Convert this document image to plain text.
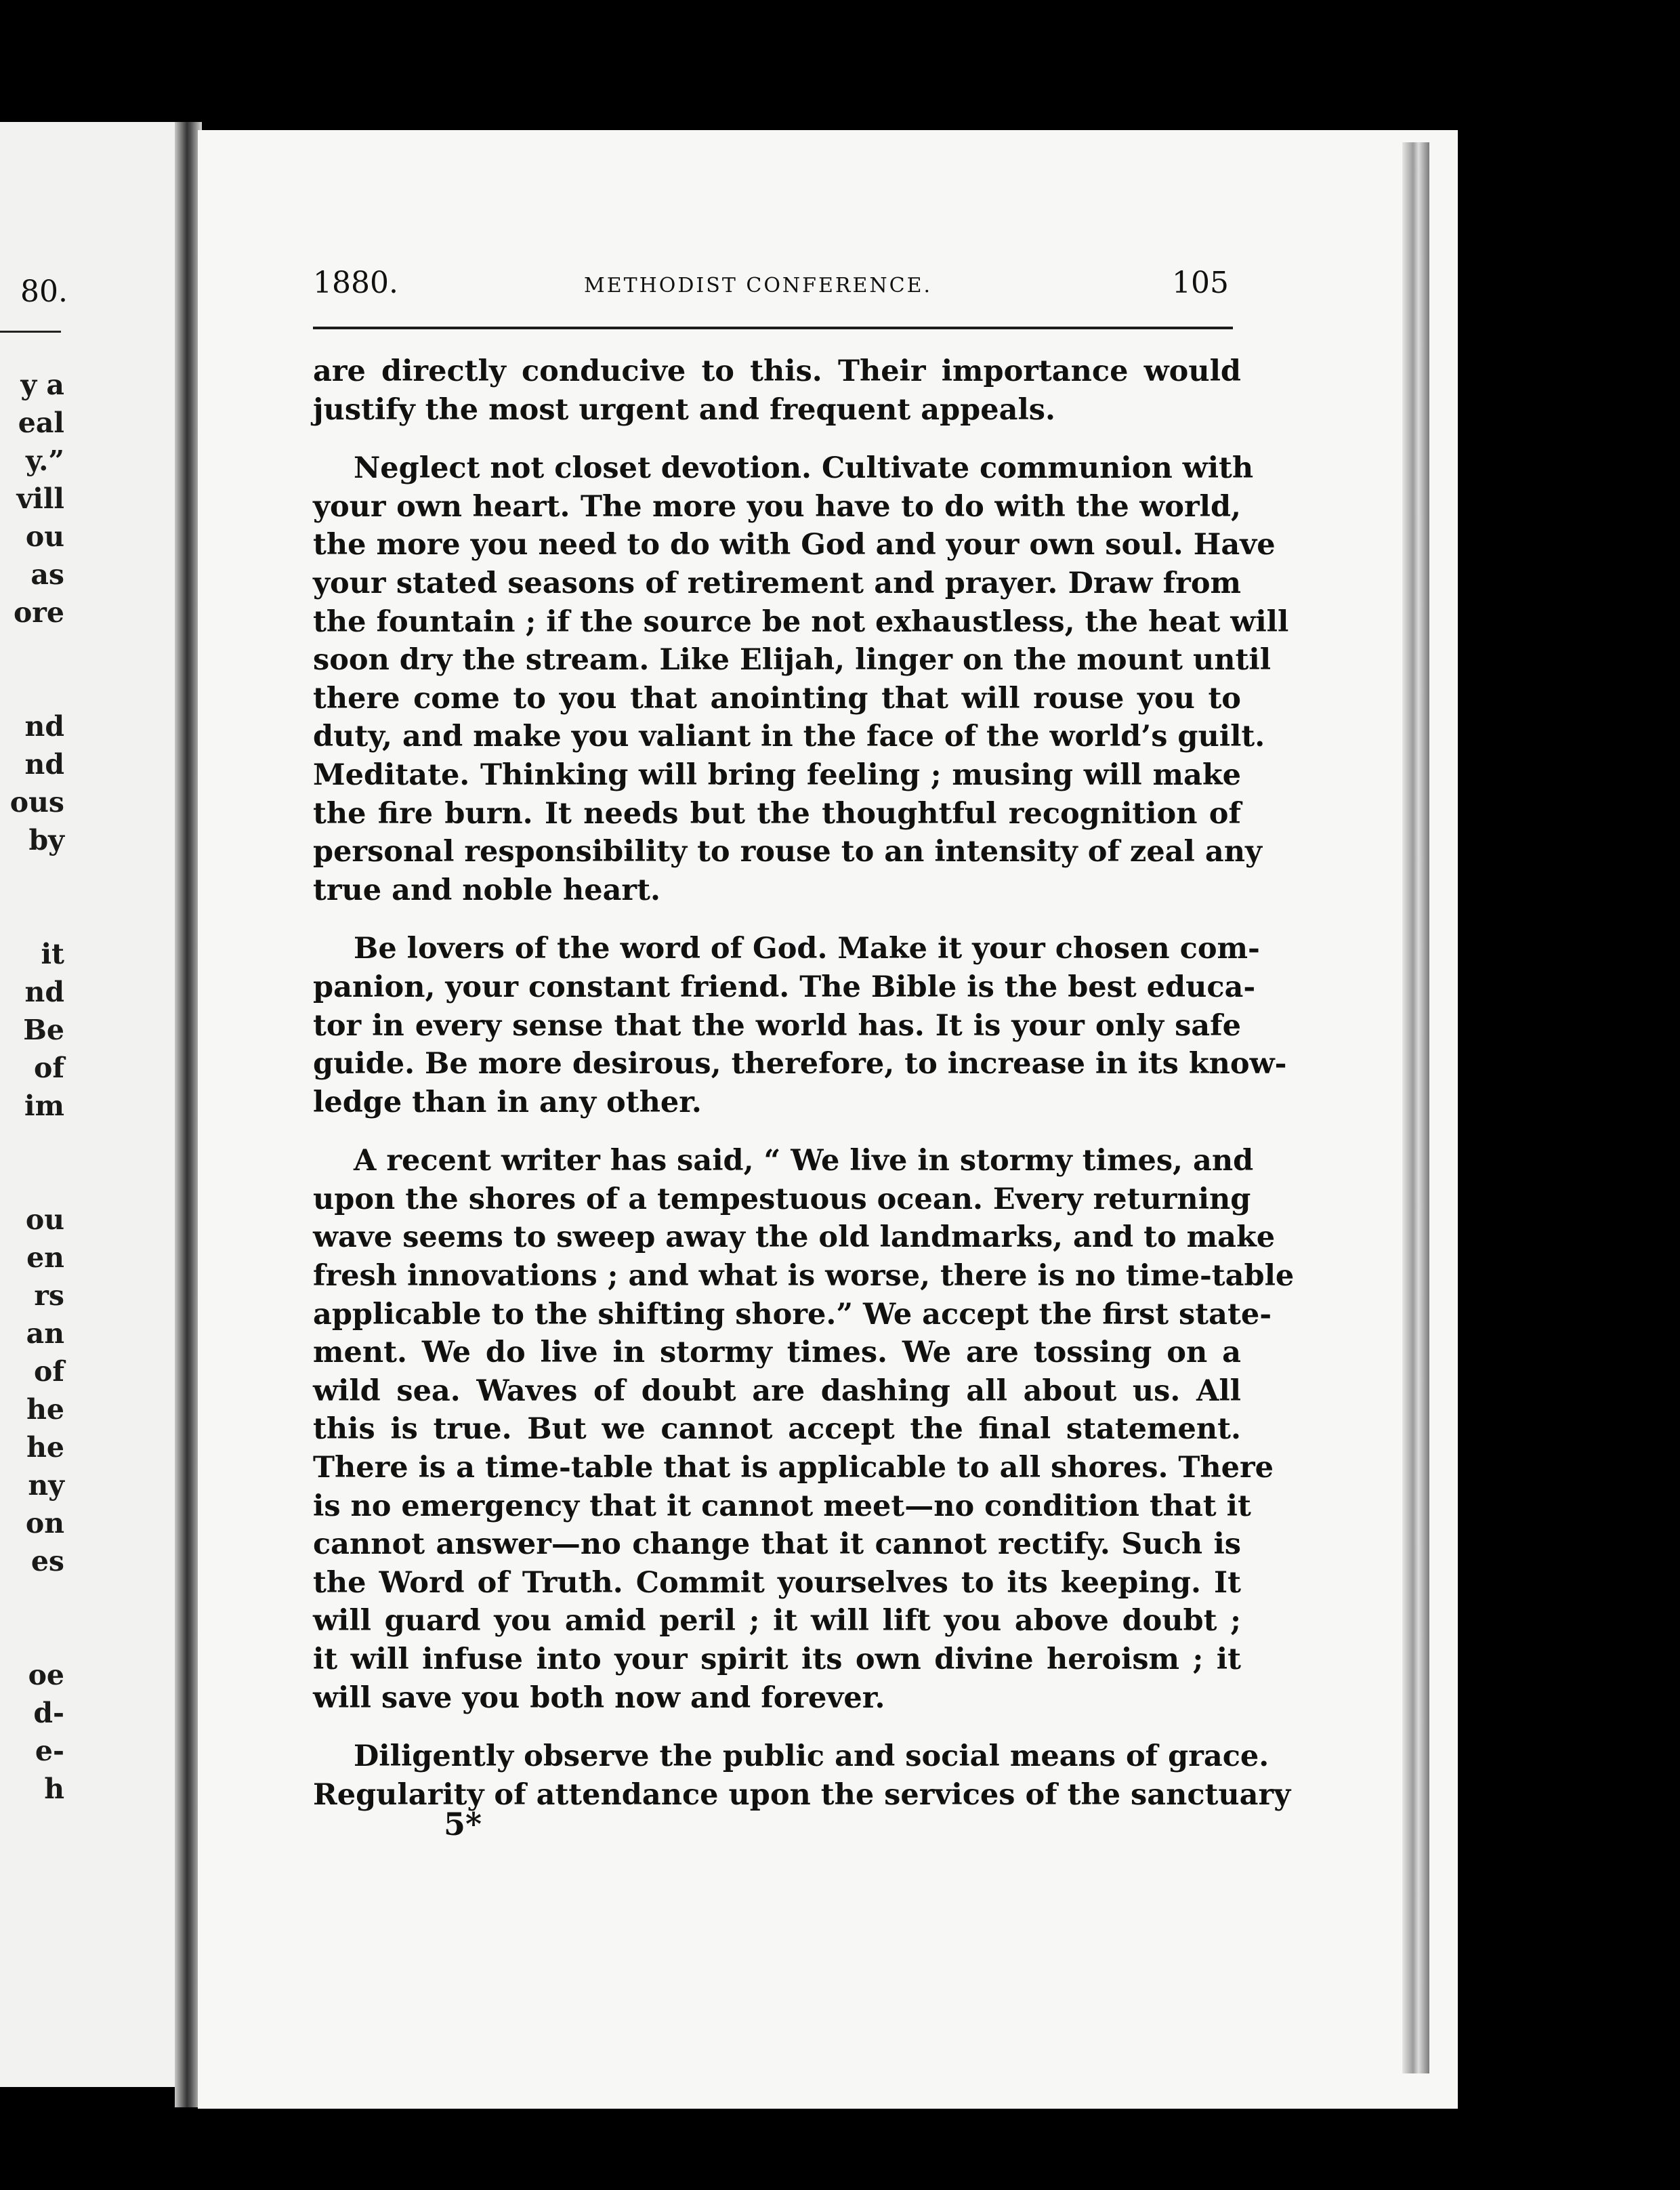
80.
y a
eal
y.”
vill
ou
as
ore

nd
nd
ous
by

it
nd
Be
of
im

ou
en
rs
an
of
he
he
ny
on
es

oe
d-
e-
h
1880.	METHODIST CONFERENCE.	105
are directly conducive to this. Their importance would
justify the most urgent and frequent appeals.
Neglect not closet devotion. Cultivate communion with
your own heart. The more you have to do with the world,
the more you need to do with God and your own soul. Have
your stated seasons of retirement and prayer. Draw from
the fountain ; if the source be not exhaustless, the heat will
soon dry the stream. Like Elijah, linger on the mount until
there come to you that anointing that will rouse you to
duty, and make you valiant in the face of the world’s guilt.
Meditate. Thinking will bring feeling ; musing will make
the fire burn. It needs but the thoughtful recognition of
personal responsibility to rouse to an intensity of zeal any
true and noble heart.
Be lovers of the word of God. Make it your chosen com-
panion, your constant friend. The Bible is the best educa-
tor in every sense that the world has. It is your only safe
guide. Be more desirous, therefore, to increase in its know-
ledge than in any other.
A recent writer has said, “ We live in stormy times, and
upon the shores of a tempestuous ocean. Every returning
wave seems to sweep away the old landmarks, and to make
fresh innovations ; and what is worse, there is no time-table
applicable to the shifting shore.” We accept the first state-
ment. We do live in stormy times. We are tossing on a
wild sea. Waves of doubt are dashing all about us. All
this is true. But we cannot accept the final statement.
There is a time-table that is applicable to all shores. There
is no emergency that it cannot meet—no condition that it
cannot answer—no change that it cannot rectify. Such is
the Word of Truth. Commit yourselves to its keeping. It
will guard you amid peril ; it will lift you above doubt ;
it will infuse into your spirit its own divine heroism ; it
will save you both now and forever.
Diligently observe the public and social means of grace.
Regularity of attendance upon the services of the sanctuary
5*
